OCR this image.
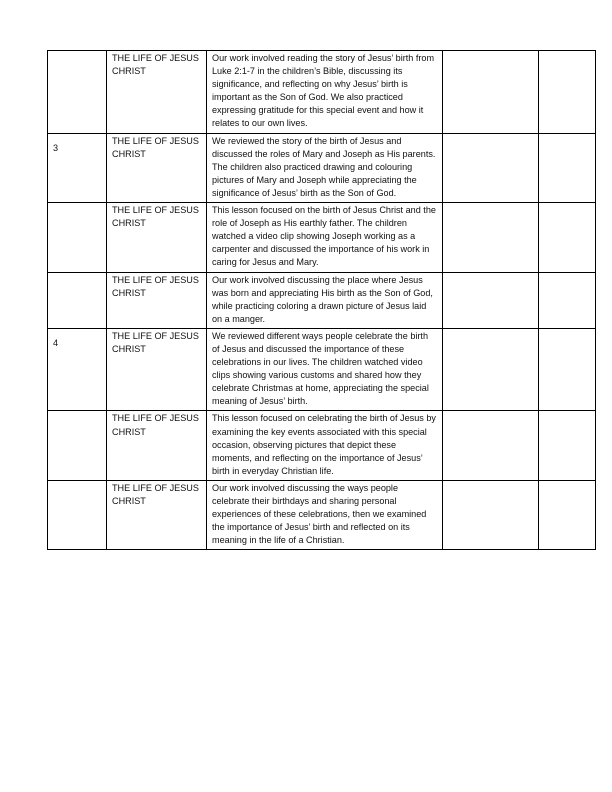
	THE LIFE OF JESUS CHRIST	Our work involved reading the story of Jesus’ birth from Luke 2:1-7 in the children’s Bible, discussing its significance, and reflecting on why Jesus’ birth is important as the Son of God. We also practiced expressing gratitude for this special event and how it relates to our own lives.		
3	THE LIFE OF JESUS CHRIST	We reviewed the story of the birth of Jesus and discussed the roles of Mary and Joseph as His parents. The children also practiced drawing and colouring pictures of Mary and Joseph while appreciating the significance of Jesus’ birth as the Son of God.		
	THE LIFE OF JESUS CHRIST	This lesson focused on the birth of Jesus Christ and the role of Joseph as His earthly father. The children watched a video clip showing Joseph working as a carpenter and discussed the importance of his work in caring for Jesus and Mary.		
	THE LIFE OF JESUS CHRIST	Our work involved discussing the place where Jesus was born and appreciating His birth as the Son of God, while practicing coloring a drawn picture of Jesus laid on a manger.		
4	THE LIFE OF JESUS CHRIST	We reviewed different ways people celebrate the birth of Jesus and discussed the importance of these celebrations in our lives. The children watched video clips showing various customs and shared how they celebrate Christmas at home, appreciating the special meaning of Jesus’ birth.		
	THE LIFE OF JESUS CHRIST	This lesson focused on celebrating the birth of Jesus by examining the key events associated with this special occasion, observing pictures that depict these moments, and reflecting on the importance of Jesus’ birth in everyday Christian life.		
	THE LIFE OF JESUS CHRIST	Our work involved discussing the ways people celebrate their birthdays and sharing personal experiences of these celebrations, then we examined the importance of Jesus’ birth and reflected on its meaning in the life of a Christian.		
